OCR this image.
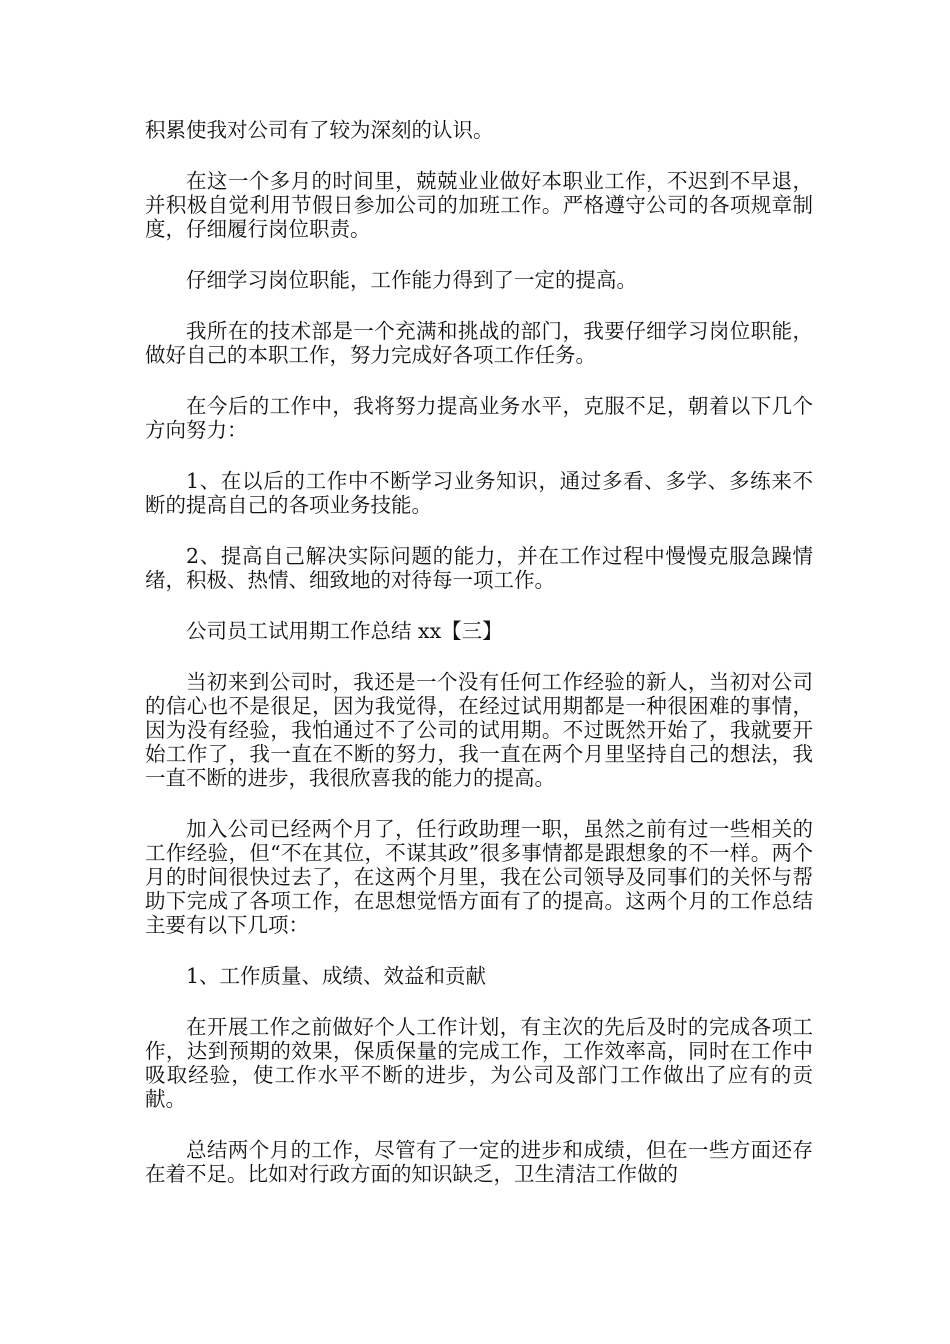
积累使我对公司有了较为深刻的认识。

在这一个多月的时间里，兢兢业业做好本职业工作，不迟到不早退，并积极自觉利用节假日参加公司的加班工作。严格遵守公司的各项规章制度，仔细履行岗位职责。

仔细学习岗位职能，工作能力得到了一定的提高。

我所在的技术部是一个充满和挑战的部门，我要仔细学习岗位职能，做好自己的本职工作，努力完成好各项工作任务。

在今后的工作中，我将努力提高业务水平，克服不足，朝着以下几个方向努力：

1、在以后的工作中不断学习业务知识，通过多看、多学、多练来不断的提高自己的各项业务技能。

2、提高自己解决实际问题的能力，并在工作过程中慢慢克服急躁情绪，积极、热情、细致地的对待每一项工作。

公司员工试用期工作总结 xx【三】

当初来到公司时，我还是一个没有任何工作经验的新人，当初对公司的信心也不是很足，因为我觉得，在经过试用期都是一种很困难的事情，因为没有经验，我怕通过不了公司的试用期。不过既然开始了，我就要开始工作了，我一直在不断的努力，我一直在两个月里坚持自己的想法，我一直不断的进步，我很欣喜我的能力的提高。

加入公司已经两个月了，任行政助理一职，虽然之前有过一些相关的工作经验，但“不在其位，不谋其政”很多事情都是跟想象的不一样。两个月的时间很快过去了，在这两个月里，我在公司领导及同事们的关怀与帮助下完成了各项工作，在思想觉悟方面有了的提高。这两个月的工作总结主要有以下几项：

1、工作质量、成绩、效益和贡献

在开展工作之前做好个人工作计划，有主次的先后及时的完成各项工作，达到预期的效果，保质保量的完成工作，工作效率高，同时在工作中吸取经验，使工作水平不断的进步，为公司及部门工作做出了应有的贡献。

总结两个月的工作，尽管有了一定的进步和成绩，但在一些方面还存在着不足。比如对行政方面的知识缺乏，卫生清洁工作做的
